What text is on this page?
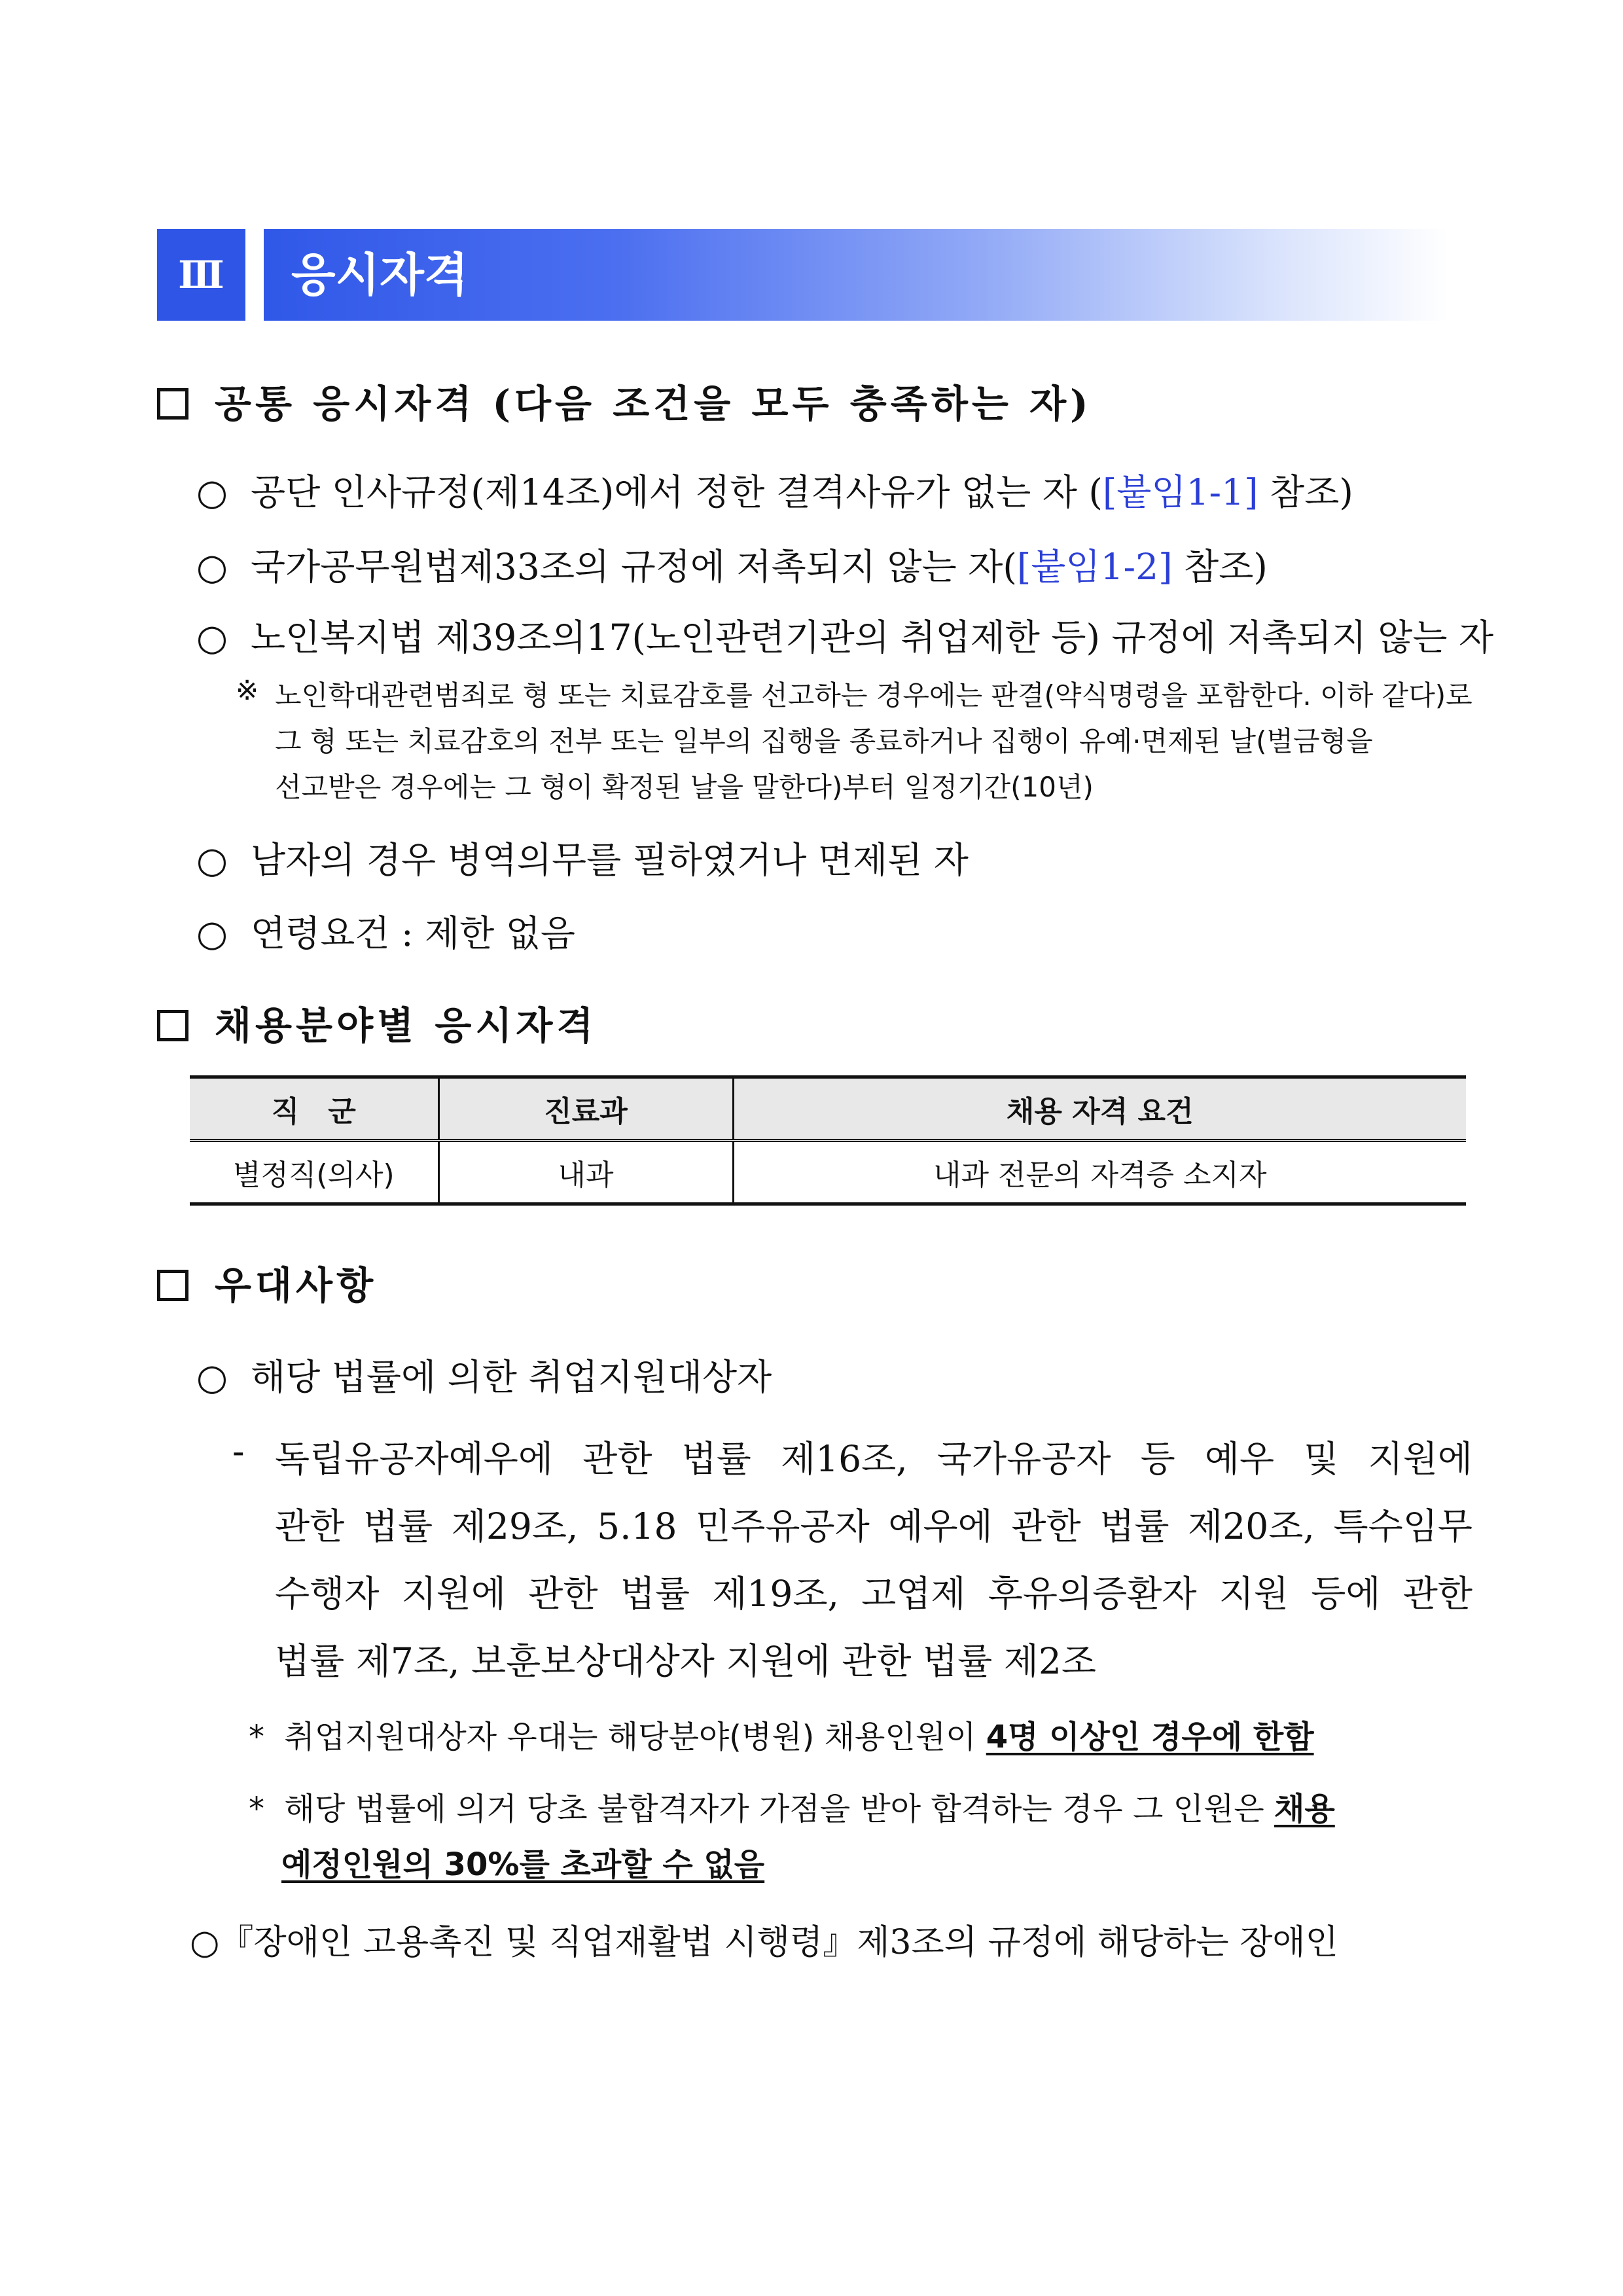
Ⅲ	응시자격
공통 응시자격 (다음 조건을 모두 충족하는 자)
○ 공단 인사규정(제14조)에서 정한 결격사유가 없는 자 ([붙임1-1] 참조)
○ 국가공무원법제33조의 규정에 저촉되지 않는 자([붙임1-2] 참조)
○ 노인복지법 제39조의17(노인관련기관의 취업제한 등) 규정에 저촉되지 않는 자
※ 노인학대관련범죄로 형 또는 치료감호를 선고하는 경우에는 판결(약식명령을 포함한다. 이하 같다)로
그 형 또는 치료감호의 전부 또는 일부의 집행을 종료하거나 집행이 유예·면제된 날(벌금형을
선고받은 경우에는 그 형이 확정된 날을 말한다)부터 일정기간(10년)
○ 남자의 경우 병역의무를 필하였거나 면제된 자
○ 연령요건 : 제한 없음
채용분야별 응시자격
직　군	진료과	채용 자격 요건
별정직(의사)	내과	내과 전문의 자격증 소지자
우대사항
○ 해당 법률에 의한 취업지원대상자
- 독립유공자예우에 관한 법률 제16조, 국가유공자 등 예우 및 지원에
관한 법률 제29조, 5.18 민주유공자 예우에 관한 법률 제20조, 특수임무
수행자 지원에 관한 법률 제19조, 고엽제 후유의증환자 지원 등에 관한
법률 제7조, 보훈보상대상자 지원에 관한 법률 제2조
* 취업지원대상자 우대는 해당분야(병원) 채용인원이 4명 이상인 경우에 한함
* 해당 법률에 의거 당초 불합격자가 가점을 받아 합격하는 경우 그 인원은 채용
예정인원의 30%를 초과할 수 없음
○『장애인 고용촉진 및 직업재활법 시행령』제3조의 규정에 해당하는 장애인
